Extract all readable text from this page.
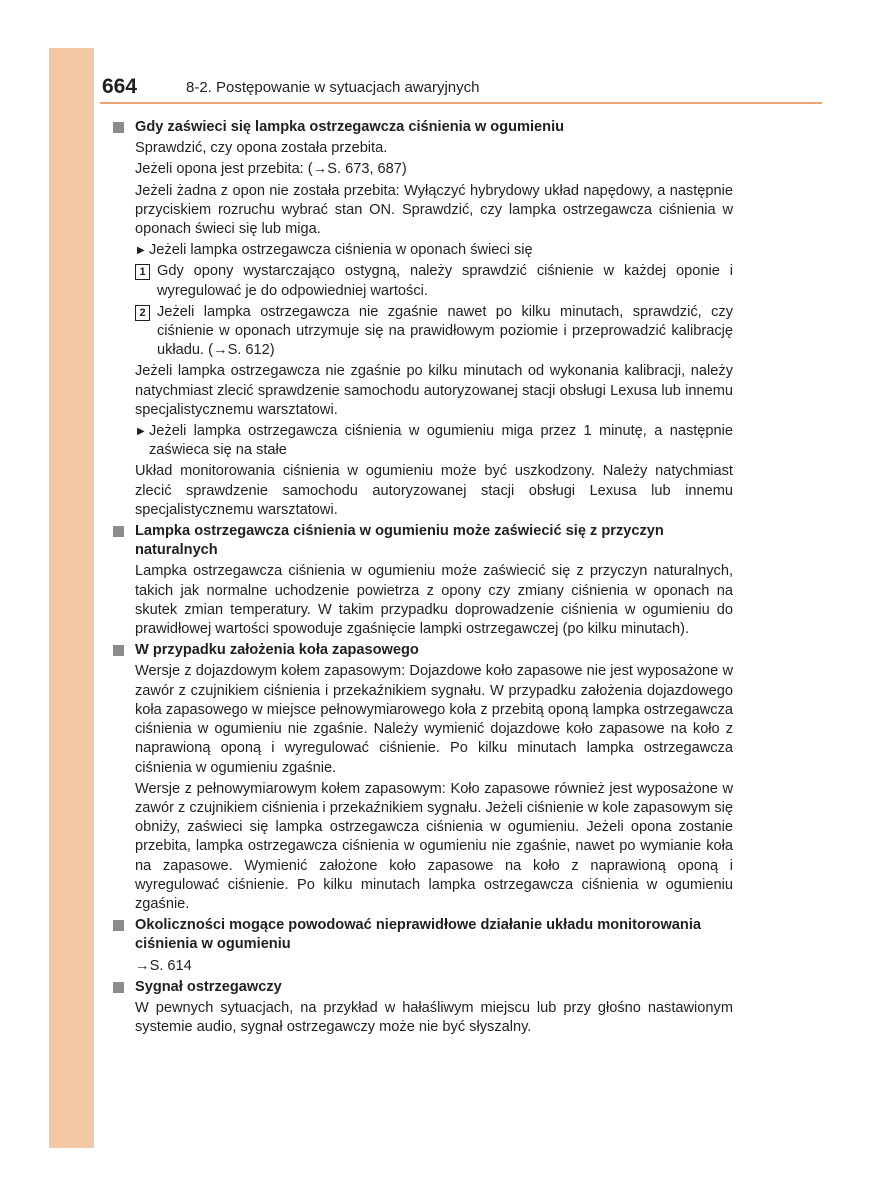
664	8-2. Postępowanie w sytuacjach awaryjnych
Gdy zaświeci się lampka ostrzegawcza ciśnienia w ogumieniu

Sprawdzić, czy opona została przebita.

Jeżeli opona jest przebita: (→S. 673, 687)

Jeżeli żadna z opon nie została przebita: Wyłączyć hybrydowy układ napędowy, a następnie przyciskiem rozruchu wybrać stan ON. Sprawdzić, czy lampka ostrzegawcza ciśnienia w oponach świeci się lub miga.

▶ Jeżeli lampka ostrzegawcza ciśnienia w oponach świeci się
1 Gdy opony wystarczająco ostygną, należy sprawdzić ciśnienie w każdej oponie i wyregulować je do odpowiedniej wartości.
2 Jeżeli lampka ostrzegawcza nie zgaśnie nawet po kilku minutach, sprawdzić, czy ciśnienie w oponach utrzymuje się na prawidłowym poziomie i przeprowadzić kalibrację układu. (→S. 612)

Jeżeli lampka ostrzegawcza nie zgaśnie po kilku minutach od wykonania kalibracji, należy natychmiast zlecić sprawdzenie samochodu autoryzowanej stacji obsługi Lexusa lub innemu specjalistycznemu warsztatowi.

▶ Jeżeli lampka ostrzegawcza ciśnienia w ogumieniu miga przez 1 minutę, a następnie zaświeca się na stałe

Układ monitorowania ciśnienia w ogumieniu może być uszkodzony. Należy natychmiast zlecić sprawdzenie samochodu autoryzowanej stacji obsługi Lexusa lub innemu specjalistycznemu warsztatowi.

Lampka ostrzegawcza ciśnienia w ogumieniu może zaświecić się z przyczyn naturalnych

Lampka ostrzegawcza ciśnienia w ogumieniu może zaświecić się z przyczyn naturalnych, takich jak normalne uchodzenie powietrza z opony czy zmiany ciśnienia w oponach na skutek zmian temperatury. W takim przypadku doprowadzenie ciśnienia w ogumieniu do prawidłowej wartości spowoduje zgaśnięcie lampki ostrzegawczej (po kilku minutach).

W przypadku założenia koła zapasowego

Wersje z dojazdowym kołem zapasowym: Dojazdowe koło zapasowe nie jest wyposażone w zawór z czujnikiem ciśnienia i przekaźnikiem sygnału. W przypadku założenia dojazdowego koła zapasowego w miejsce pełnowymiarowego koła z przebitą oponą lampka ostrzegawcza ciśnienia w ogumieniu nie zgaśnie. Należy wymienić dojazdowe koło zapasowe na koło z naprawioną oponą i wyregulować ciśnienie. Po kilku minutach lampka ostrzegawcza ciśnienia w ogumieniu zgaśnie.

Wersje z pełnowymiarowym kołem zapasowym: Koło zapasowe również jest wyposażone w zawór z czujnikiem ciśnienia i przekaźnikiem sygnału. Jeżeli ciśnienie w kole zapasowym się obniży, zaświeci się lampka ostrzegawcza ciśnienia w ogumieniu. Jeżeli opona zostanie przebita, lampka ostrzegawcza ciśnienia w ogumieniu nie zgaśnie, nawet po wymianie koła na zapasowe. Wymienić założone koło zapasowe na koło z naprawioną oponą i wyregulować ciśnienie. Po kilku minutach lampka ostrzegawcza ciśnienia w ogumieniu zgaśnie.

Okoliczności mogące powodować nieprawidłowe działanie układu monitorowania ciśnienia w ogumieniu

→S. 614

Sygnał ostrzegawczy

W pewnych sytuacjach, na przykład w hałaśliwym miejscu lub przy głośno nastawionym systemie audio, sygnał ostrzegawczy może nie być słyszalny.
